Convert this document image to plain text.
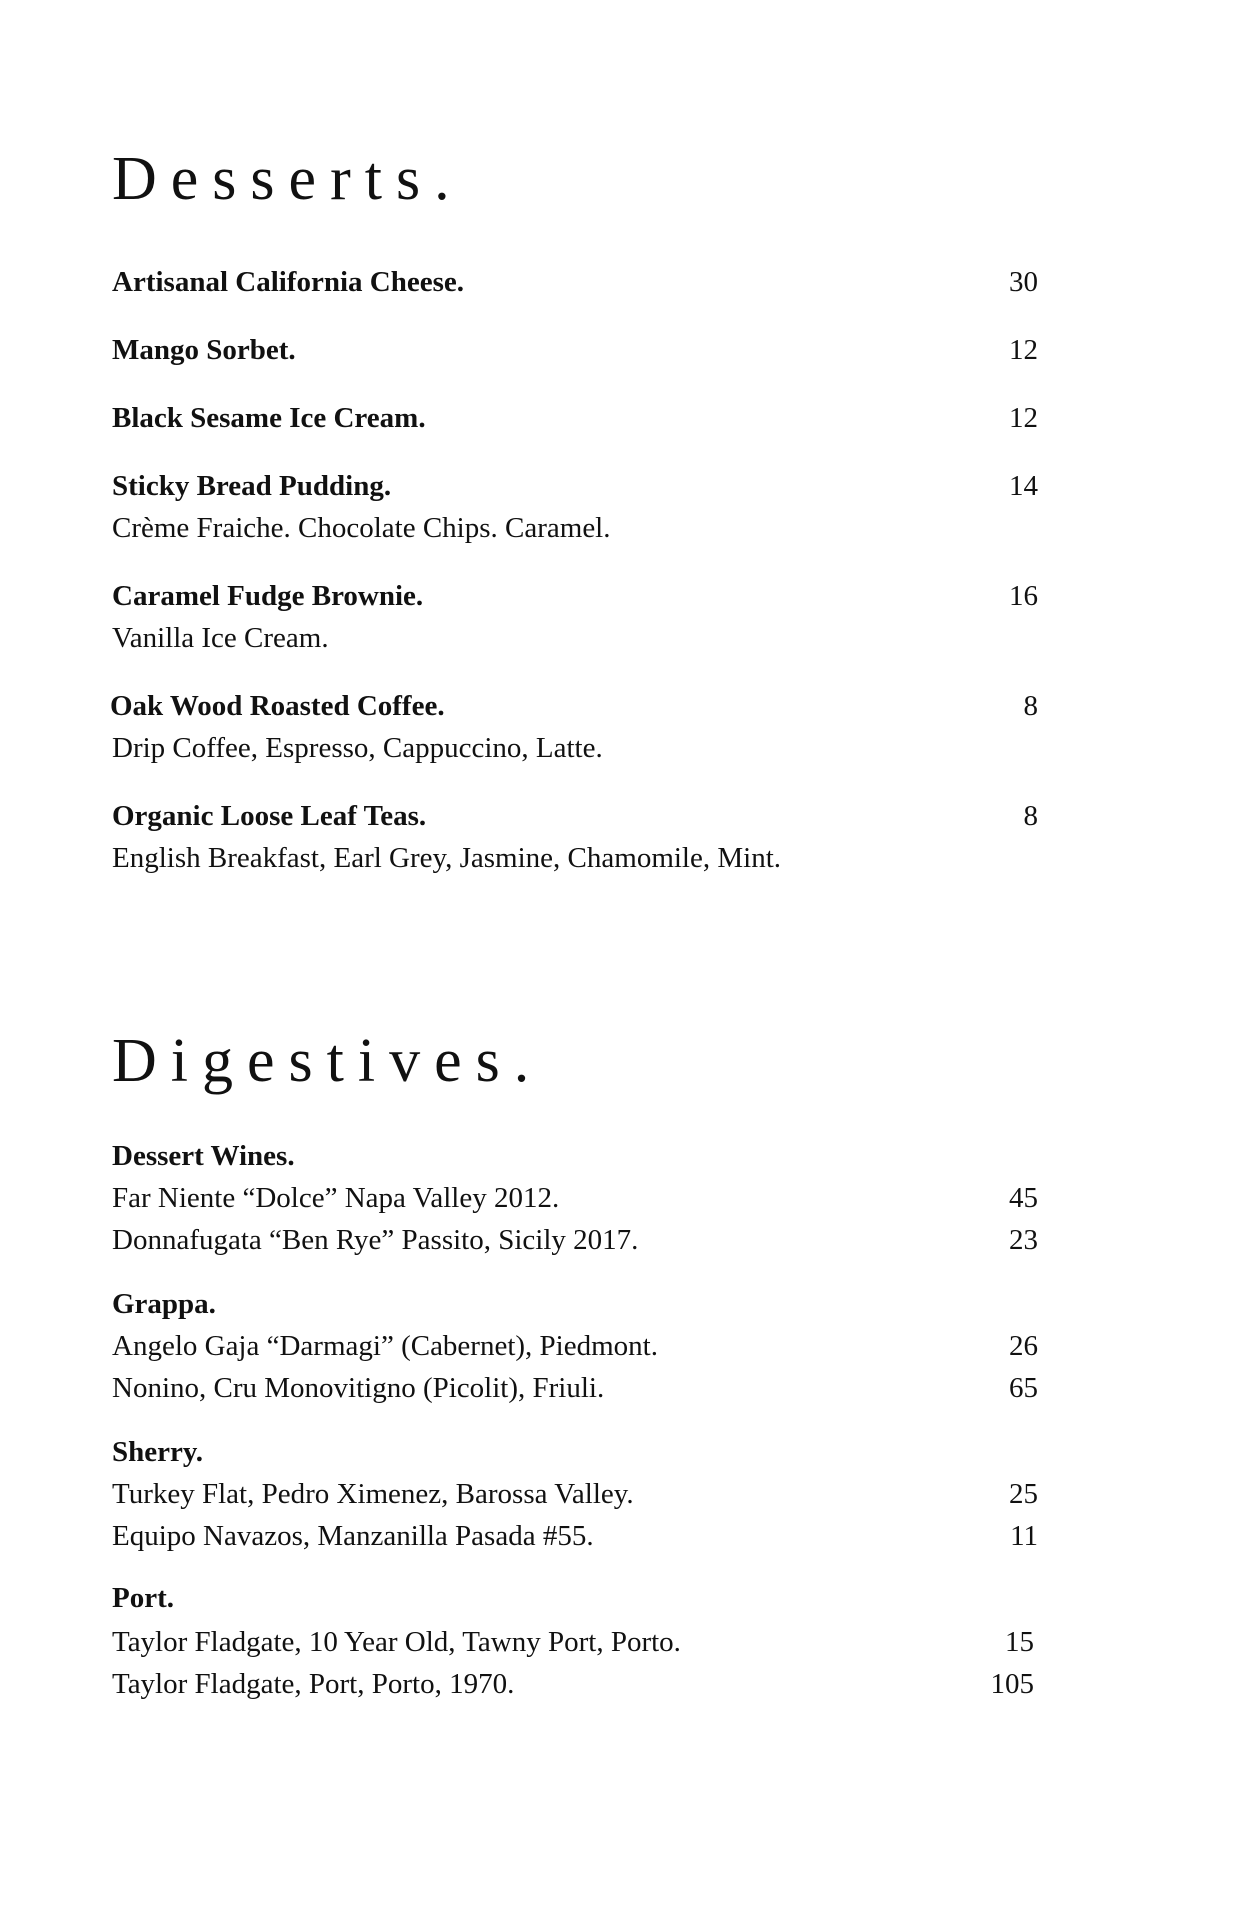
Desserts.
Artisanal California Cheese.	30
Mango Sorbet.	12
Black Sesame Ice Cream.	12
Sticky Bread Pudding.	14
Crème Fraiche. Chocolate Chips. Caramel.
Caramel Fudge Brownie.	16
Vanilla Ice Cream.
Oak Wood Roasted Coffee.	8
Drip Coffee, Espresso, Cappuccino, Latte.
Organic Loose Leaf Teas.	8
English Breakfast, Earl Grey, Jasmine, Chamomile, Mint.
Digestives.
Dessert Wines.
Far Niente “Dolce” Napa Valley 2012.	45
Donnafugata “Ben Rye” Passito, Sicily 2017.	23
Grappa.
Angelo Gaja “Darmagi” (Cabernet), Piedmont.	26
Nonino, Cru Monovitigno (Picolit), Friuli.	65
Sherry.
Turkey Flat, Pedro Ximenez, Barossa Valley.	25
Equipo Navazos, Manzanilla Pasada #55.	11
Port.
Taylor Fladgate, 10 Year Old, Tawny Port, Porto.	15
Taylor Fladgate, Port, Porto, 1970.	105
